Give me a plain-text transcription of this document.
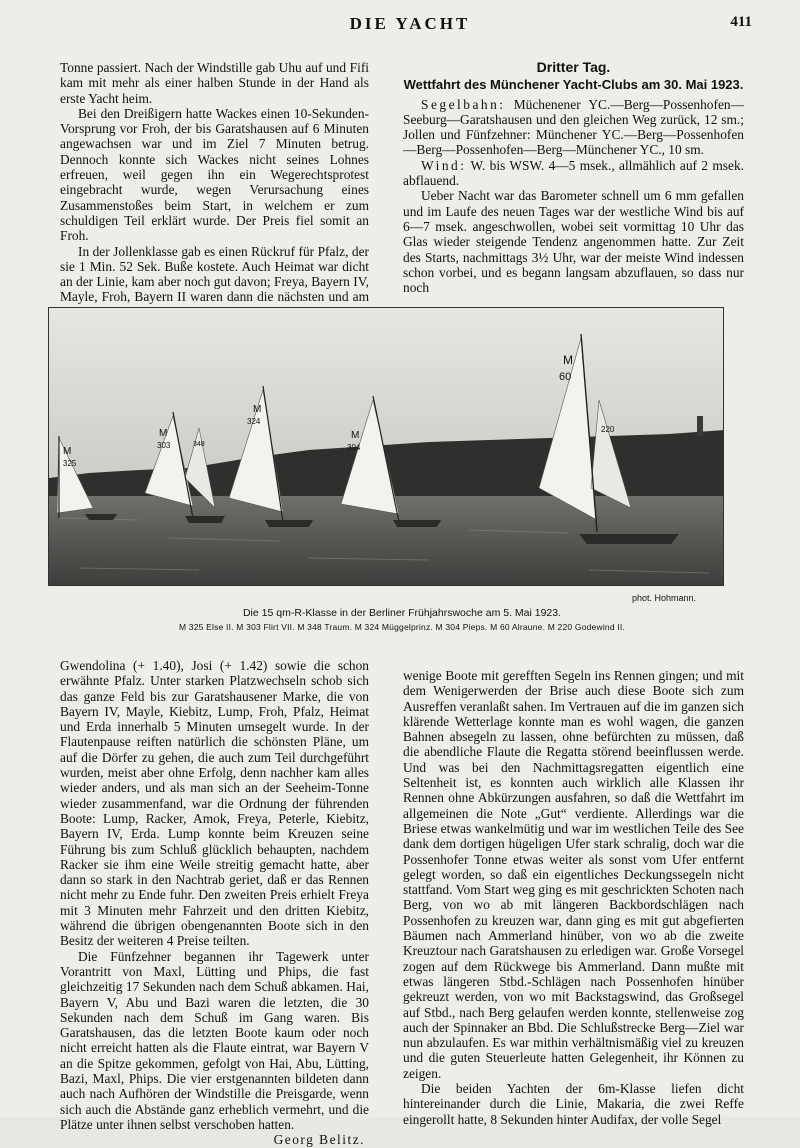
DIE YACHT	411

Tonne passiert. Nach der Windstille gab Uhu auf und Fifi kam mit mehr als einer halben Stunde in der Hand als erste Yacht heim.

Bei den Dreißigern hatte Wackes einen 10-Sekunden-Vorsprung vor Froh, der bis Garatshausen auf 6 Minuten angewachsen war und im Ziel 7 Minuten betrug. Dennoch konnte sich Wackes nicht seines Lohnes erfreuen, weil gegen ihn ein Wegerechtsprotest eingebracht wurde, wegen Verursachung eines Zusammenstoßes beim Start, in welchem er zum schuldigen Teil erklärt wurde. Der Preis fiel somit an Froh.

In der Jollenklasse gab es einen Rückruf für Pfalz, der sie 1 Min. 52 Sek. Buße kostete. Auch Heimat war dicht an der Linie, kam aber noch gut davon; Freya, Bayern IV, Mayle, Froh, Bayern II waren dann die nächsten und am

Dritter Tag.
Wettfahrt des Münchener Yacht-Clubs am 30. Mai 1923.

Segelbahn: Müchenener YC.—Berg—Possenhofen—Seeburg—Garatshausen und den gleichen Weg zurück, 12 sm.; Jollen und Fünfzehner: Münchener YC.—Berg—Possenhofen—Berg—Possenhofen—Berg—Münchener YC., 10 sm.

Wind: W. bis WSW. 4—5 msek., allmählich auf 2 msek. abflauend.

Ueber Nacht war das Barometer schnell um 6 mm gefallen und im Laufe des neuen Tages war der westliche Wind bis auf 6—7 msek. angeschwollen, wobei seit vormittag 10 Uhr das Glas wieder steigende Tendenz angenommen hatte. Zur Zeit des Starts, nachmittags 3½ Uhr, war der meiste Wind indessen schon vorbei, und es begann langsam abzuflauen, so dass nur noch

M
325
M
303	348
M
324
M
304
M
60
220
phot. Hohmann.
Die 15 qm-R-Klasse in der Berliner Frühjahrswoche am 5. Mai 1923.
M 325 Else II. M 303 Flirt VII. M 348 Traum. M 324 Müggelprinz. M 304 Pieps. M 60 Alraune. M 220 Godewind II.

Gwendolina (+ 1.40), Josi (+ 1.42) sowie die schon erwähnte Pfalz. Unter starken Platzwechseln schob sich das ganze Feld bis zur Garatshausener Marke, die von Bayern IV, Mayle, Kiebitz, Lump, Froh, Pfalz, Heimat und Erda innerhalb 5 Minuten umsegelt wurde. In der Flautenpause reiften natürlich die schönsten Pläne, um auf die Dörfer zu gehen, die auch zum Teil durchgeführt wurden, meist aber ohne Erfolg, denn nachher kam alles wieder anders, und als man sich an der Seeheim-Tonne wieder zusammenfand, war die Ordnung der führenden Boote: Lump, Racker, Amok, Freya, Peterle, Kiebitz, Bayern IV, Erda. Lump konnte beim Kreuzen seine Führung bis zum Schluß glücklich behaupten, nachdem Racker sie ihm eine Weile streitig gemacht hatte, aber dann so stark in den Nachtrab geriet, daß er das Rennen nicht mehr zu Ende fuhr. Den zweiten Preis erhielt Freya mit 3 Minuten mehr Fahrzeit und den dritten Kiebitz, während die übrigen obengenannten Boote sich in den Besitz der weiteren 4 Preise teilten.

Die Fünfzehner begannen ihr Tagewerk unter Vorantritt von Maxl, Lütting und Phips, die fast gleichzeitig 17 Sekunden nach dem Schuß abkamen. Hai, Bayern V, Abu und Bazi waren die letzten, die 30 Sekunden nach dem Schuß im Gang waren. Bis Garatshausen, das die letzten Boote kaum oder noch nicht erreicht hatten als die Flaute eintrat, war Bayern V an die Spitze gekommen, gefolgt von Hai, Abu, Lütting, Bazi, Maxl, Phips. Die vier erstgenannten bildeten dann auch nach Aufhören der Windstille die Preisgarde, wenn sich auch die Abstände ganz erheblich vermehrt, und die Plätze unter ihnen selbst verschoben hatten.

Georg Belitz.

wenige Boote mit gerefften Segeln ins Rennen gingen; und mit dem Wenigerwerden der Brise auch diese Boote sich zum Ausreffen veranlaßt sahen. Im Vertrauen auf die im ganzen sich klärende Wetterlage konnte man es wohl wagen, die ganzen Bahnen absegeln zu lassen, ohne befürchten zu müssen, daß die abendliche Flaute die Regatta störend beeinflussen werde. Und was bei den Nachmittagsregatten eigentlich eine Seltenheit ist, es konnten auch wirklich alle Klassen ihr Rennen ohne Abkürzungen ausfahren, so daß die Wettfahrt im allgemeinen die Note „Gut“ verdiente. Allerdings war die Briese etwas wankelmütig und war im westlichen Teile des See dank dem dortigen hügeligen Ufer stark schralig, doch war die Possenhofer Tonne etwas weiter als sonst vom Ufer entfernt gelegt worden, so daß ein eigentliches Deckungssegeln nicht stattfand. Vom Start weg ging es mit geschrickten Schoten nach Berg, von wo ab mit längeren Backbordschlägen nach Possenhofen zu kreuzen war, dann ging es mit gut abgefierten Bäumen nach Ammerland hinüber, von wo ab die zweite Kreuztour nach Garatshausen zu erledigen war. Große Vorsegel zogen auf dem Rückwege bis Ammerland. Dann mußte mit etwas längeren Stbd.-Schlägen nach Possenhofen hinüber gekreuzt werden, von wo mit Backstagswind, das Großsegel auf Stbd., nach Berg gelaufen werden konnte, stellenweise zog auch der Spinnaker an Bbd. Die Schlußstrecke Berg—Ziel war nun abzulaufen. Es war mithin verhältnismäßig viel zu kreuzen und die guten Steuerleute hatten Gelegenheit, ihr Können zu zeigen.

Die beiden Yachten der 6m-Klasse liefen dicht hintereinander durch die Linie, Makaria, die zwei Reffe eingerollt hatte, 8 Sekunden hinter Audifax, der volle Segel
